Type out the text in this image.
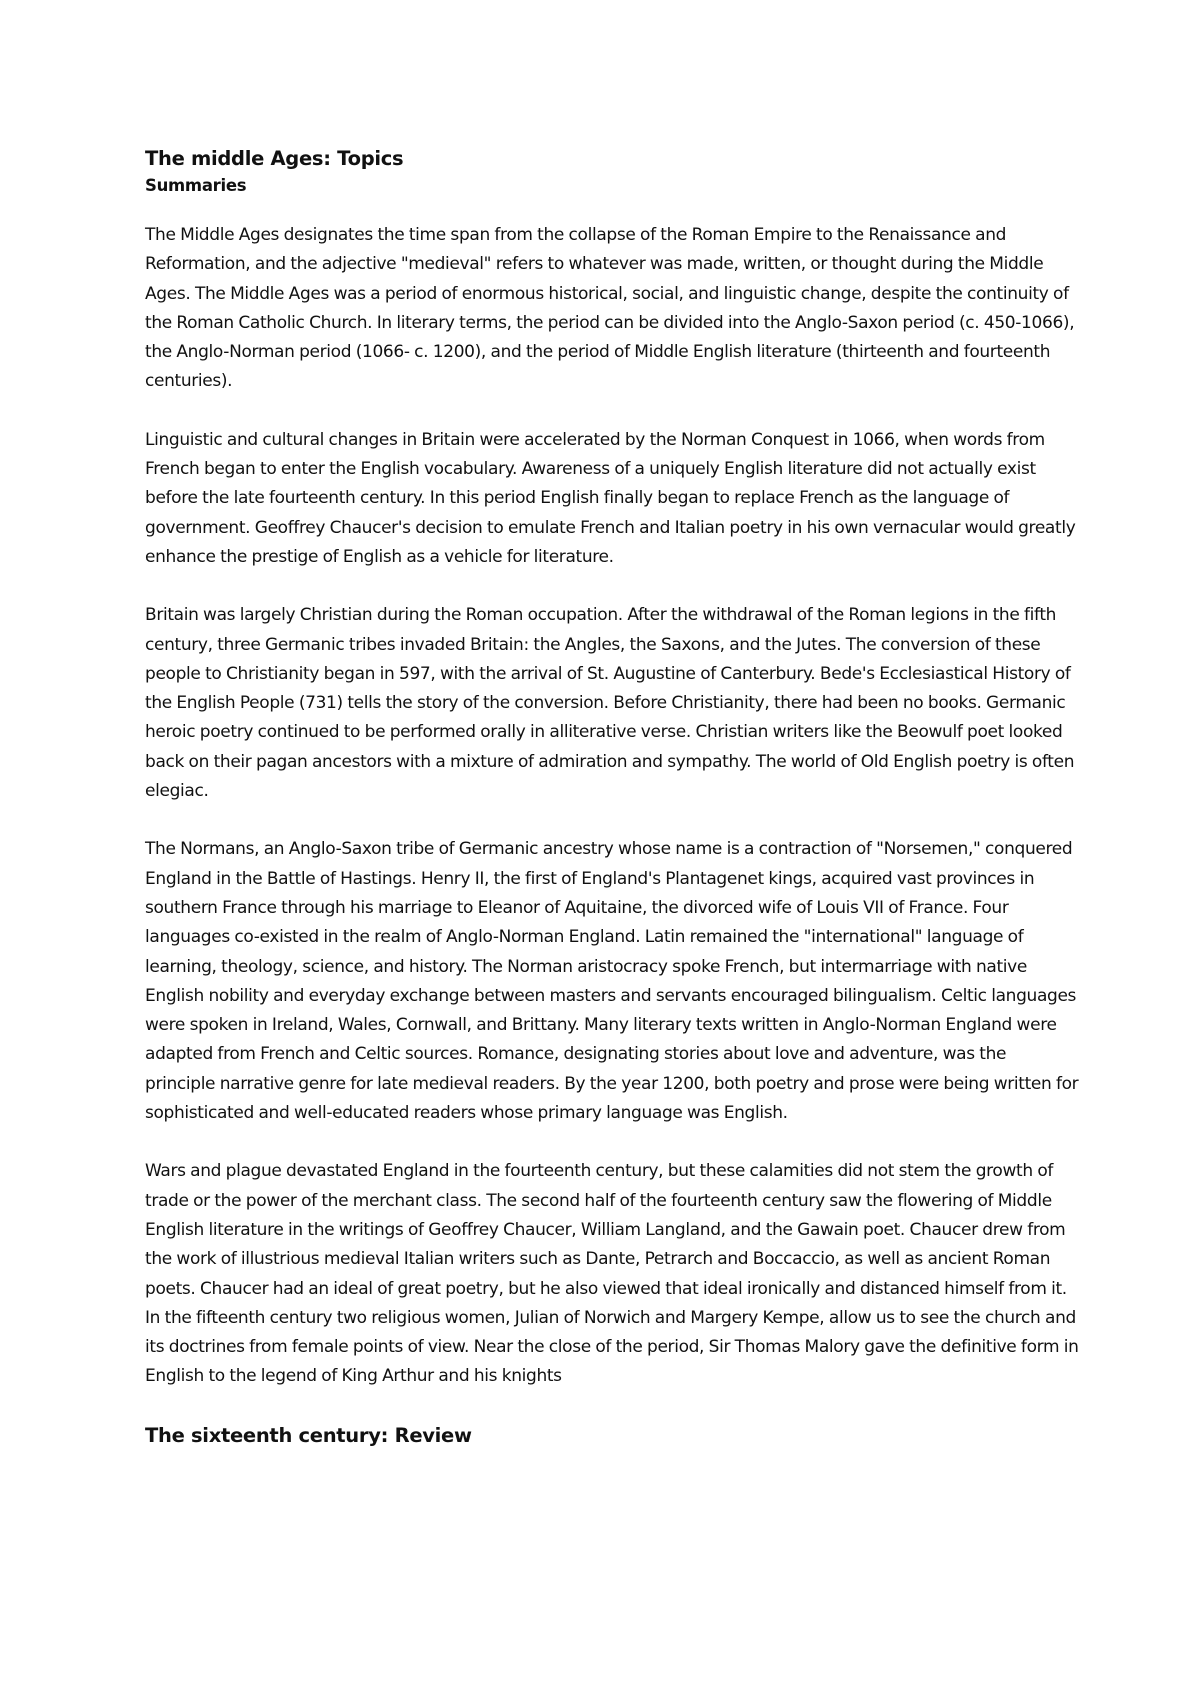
The middle Ages: Topics
Summaries

The Middle Ages designates the time span from the collapse of the Roman Empire to the Renaissance and Reformation, and the adjective "medieval" refers to whatever was made, written, or thought during the Middle Ages. The Middle Ages was a period of enormous historical, social, and linguistic change, despite the continuity of the Roman Catholic Church. In literary terms, the period can be divided into the Anglo-Saxon period (c. 450-1066), the Anglo-Norman period (1066- c. 1200), and the period of Middle English literature (thirteenth and fourteenth centuries).

Linguistic and cultural changes in Britain were accelerated by the Norman Conquest in 1066, when words from French began to enter the English vocabulary. Awareness of a uniquely English literature did not actually exist before the late fourteenth century. In this period English finally began to replace French as the language of government. Geoffrey Chaucer's decision to emulate French and Italian poetry in his own vernacular would greatly enhance the prestige of English as a vehicle for literature.

Britain was largely Christian during the Roman occupation. After the withdrawal of the Roman legions in the fifth century, three Germanic tribes invaded Britain: the Angles, the Saxons, and the Jutes. The conversion of these people to Christianity began in 597, with the arrival of St. Augustine of Canterbury. Bede's Ecclesiastical History of the English People (731) tells the story of the conversion. Before Christianity, there had been no books. Germanic heroic poetry continued to be performed orally in alliterative verse. Christian writers like the Beowulf poet looked back on their pagan ancestors with a mixture of admiration and sympathy. The world of Old English poetry is often elegiac.

The Normans, an Anglo-Saxon tribe of Germanic ancestry whose name is a contraction of "Norsemen," conquered England in the Battle of Hastings. Henry II, the first of England's Plantagenet kings, acquired vast provinces in southern France through his marriage to Eleanor of Aquitaine, the divorced wife of Louis VII of France. Four languages co-existed in the realm of Anglo-Norman England. Latin remained the "international" language of learning, theology, science, and history. The Norman aristocracy spoke French, but intermarriage with native English nobility and everyday exchange between masters and servants encouraged bilingualism. Celtic languages were spoken in Ireland, Wales, Cornwall, and Brittany. Many literary texts written in Anglo-Norman England were adapted from French and Celtic sources. Romance, designating stories about love and adventure, was the principle narrative genre for late medieval readers. By the year 1200, both poetry and prose were being written for sophisticated and well-educated readers whose primary language was English.

Wars and plague devastated England in the fourteenth century, but these calamities did not stem the growth of trade or the power of the merchant class. The second half of the fourteenth century saw the flowering of Middle English literature in the writings of Geoffrey Chaucer, William Langland, and the Gawain poet. Chaucer drew from the work of illustrious medieval Italian writers such as Dante, Petrarch and Boccaccio, as well as ancient Roman poets. Chaucer had an ideal of great poetry, but he also viewed that ideal ironically and distanced himself from it. In the fifteenth century two religious women, Julian of Norwich and Margery Kempe, allow us to see the church and its doctrines from female points of view. Near the close of the period, Sir Thomas Malory gave the definitive form in English to the legend of King Arthur and his knights

The sixteenth century: Review
